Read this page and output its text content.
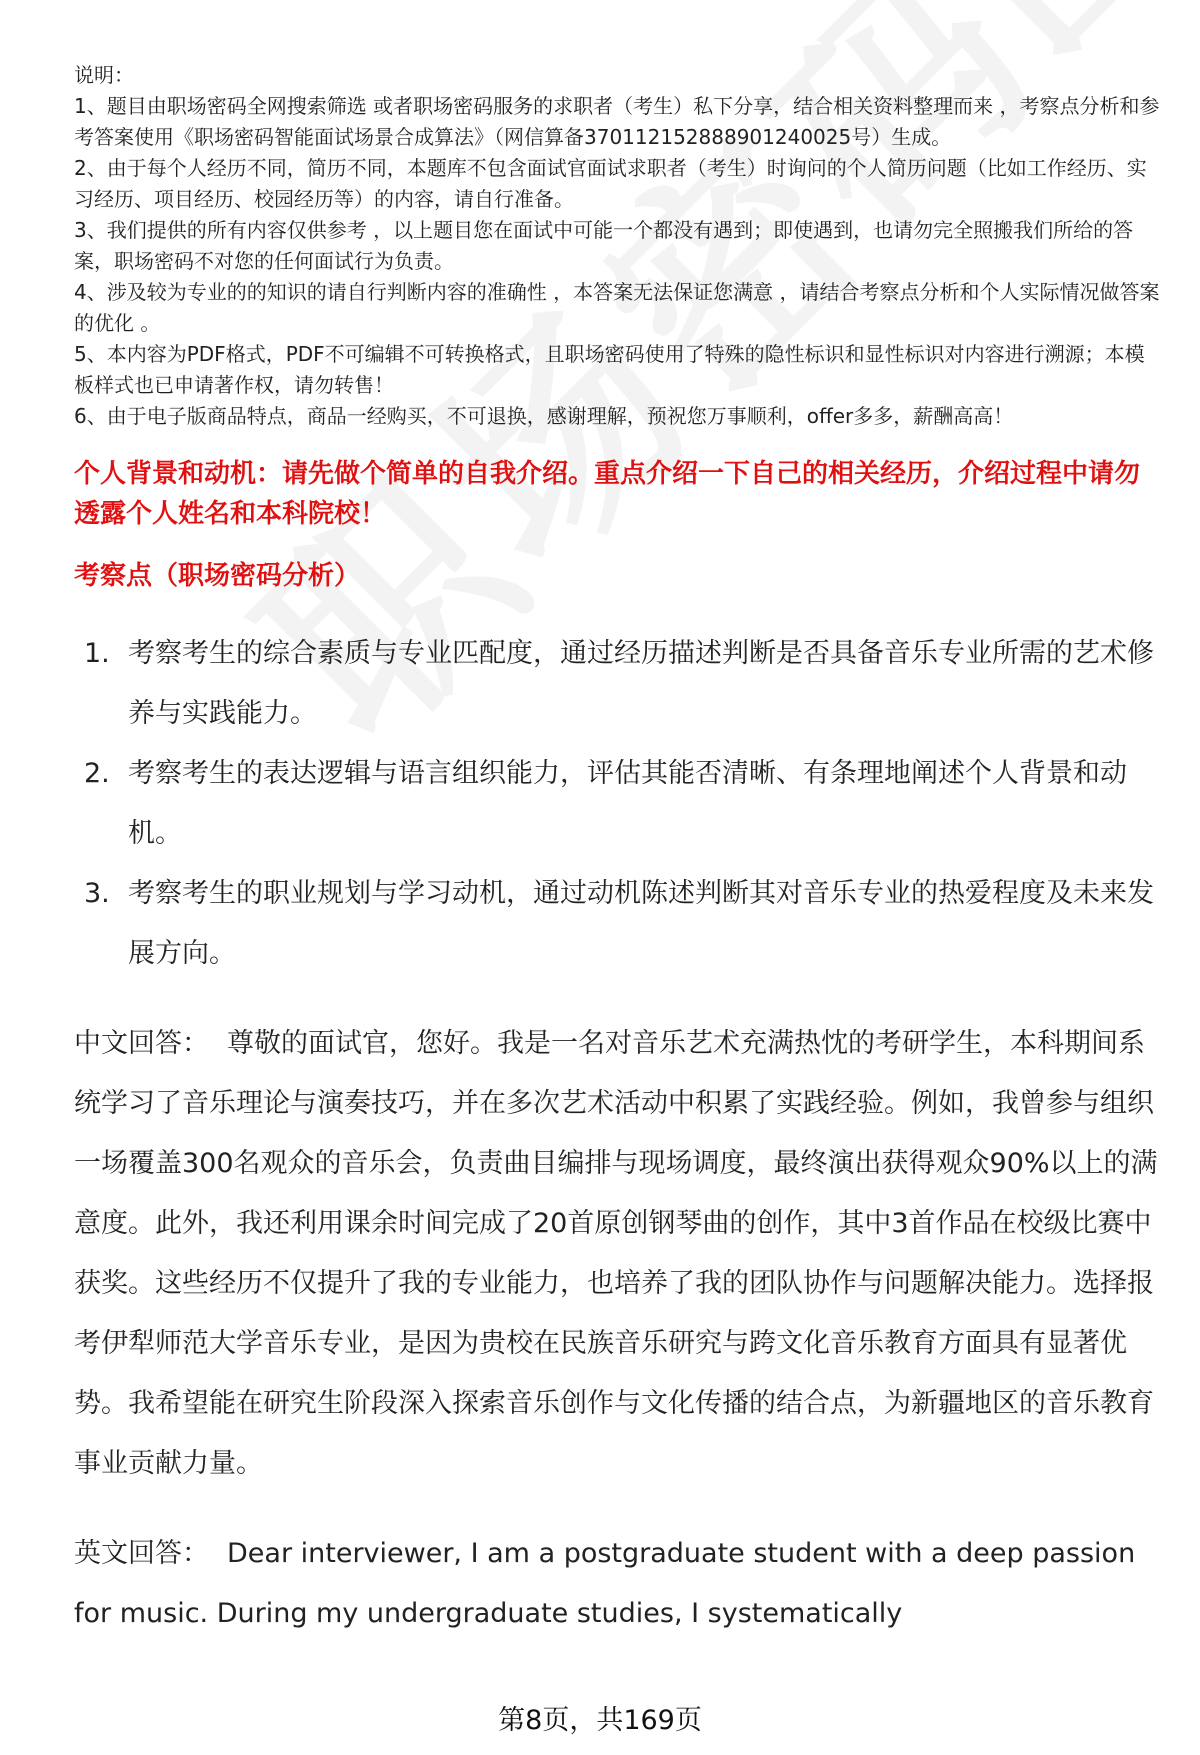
说明：

1、题目由职场密码全网搜索筛选 或者职场密码服务的求职者（考生）私下分享，结合相关资料整理而来 ，考察点分析和参考答案使用《职场密码智能面试场景合成算法》（网信算备370112152888901240025号）生成。
2、由于每个人经历不同，简历不同，本题库不包含面试官面试求职者（考生）时询问的个人简历问题（比如工作经历、实习经历、项目经历、校园经历等）的内容，请自行准备。
3、我们提供的所有内容仅供参考 ，以上题目您在面试中可能一个都没有遇到；即使遇到，也请勿完全照搬我们所给的答案，职场密码不对您的任何面试行为负责。
4、涉及较为专业的的知识的请自行判断内容的准确性 ，本答案无法保证您满意 ，请结合考察点分析和个人实际情况做答案的优化 。
5、本内容为PDF格式，PDF不可编辑不可转换格式，且职场密码使用了特殊的隐性标识和显性标识对内容进行溯源；本模板样式也已申请著作权，请勿转售！
6、由于电子版商品特点，商品一经购买，不可退换，感谢理解，预祝您万事顺利，offer多多，薪酬高高！
个人背景和动机：请先做个简单的自我介绍。重点介绍一下自己的相关经历，介绍过程中请勿透露个人姓名和本科院校！
考察点（职场密码分析）
1. 考察考生的综合素质与专业匹配度，通过经历描述判断是否具备音乐专业所需的艺术修养与实践能力。
2. 考察考生的表达逻辑与语言组织能力，评估其能否清晰、有条理地阐述个人背景和动机。
3. 考察考生的职业规划与学习动机，通过动机陈述判断其对音乐专业的热爱程度及未来发展方向。
中文回答： 尊敬的面试官，您好。我是一名对音乐艺术充满热忱的考研学生，本科期间系统学习了音乐理论与演奏技巧，并在多次艺术活动中积累了实践经验。例如，我曾参与组织一场覆盖300名观众的音乐会，负责曲目编排与现场调度，最终演出获得观众90%以上的满意度。此外，我还利用课余时间完成了20首原创钢琴曲的创作，其中3首作品在校级比赛中获奖。这些经历不仅提升了我的专业能力，也培养了我的团队协作与问题解决能力。选择报考伊犁师范大学音乐专业，是因为贵校在民族音乐研究与跨文化音乐教育方面具有显著优势。我希望能在研究生阶段深入探索音乐创作与文化传播的结合点，为新疆地区的音乐教育事业贡献力量。
英文回答： Dear interviewer, I am a postgraduate student with a deep passion for music. During my undergraduate studies, I systematically
第8页，共169页
